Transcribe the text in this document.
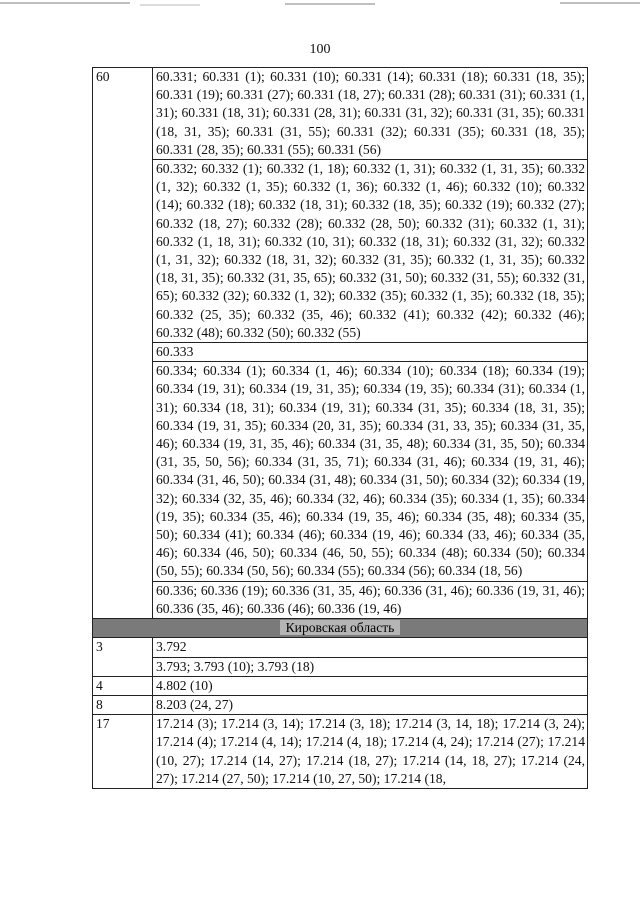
100
60	60.331; 60.331 (1); 60.331 (10); 60.331 (14); 60.331 (18); 60.331 (18, 35); 60.331 (19); 60.331 (27); 60.331 (18, 27); 60.331 (28); 60.331 (31); 60.331 (1, 31); 60.331 (18, 31); 60.331 (28, 31); 60.331 (31, 32); 60.331 (31, 35); 60.331 (18, 31, 35); 60.331 (31, 55); 60.331 (32); 60.331 (35); 60.331 (18, 35); 60.331 (28, 35); 60.331 (55); 60.331 (56)
	60.332; 60.332 (1); 60.332 (1, 18); 60.332 (1, 31); 60.332 (1, 31, 35); 60.332 (1, 32); 60.332 (1, 35); 60.332 (1, 36); 60.332 (1, 46); 60.332 (10); 60.332 (14); 60.332 (18); 60.332 (18, 31); 60.332 (18, 35); 60.332 (19); 60.332 (27); 60.332 (18, 27); 60.332 (28); 60.332 (28, 50); 60.332 (31); 60.332 (1, 31); 60.332 (1, 18, 31); 60.332 (10, 31); 60.332 (18, 31); 60.332 (31, 32); 60.332 (1, 31, 32); 60.332 (18, 31, 32); 60.332 (31, 35); 60.332 (1, 31, 35); 60.332 (18, 31, 35); 60.332 (31, 35, 65); 60.332 (31, 50); 60.332 (31, 55); 60.332 (31, 65); 60.332 (32); 60.332 (1, 32); 60.332 (35); 60.332 (1, 35); 60.332 (18, 35); 60.332 (25, 35); 60.332 (35, 46); 60.332 (41); 60.332 (42); 60.332 (46); 60.332 (48); 60.332 (50); 60.332 (55)
	60.333
	60.334; 60.334 (1); 60.334 (1, 46); 60.334 (10); 60.334 (18); 60.334 (19); 60.334 (19, 31); 60.334 (19, 31, 35); 60.334 (19, 35); 60.334 (31); 60.334 (1, 31); 60.334 (18, 31); 60.334 (19, 31); 60.334 (31, 35); 60.334 (18, 31, 35); 60.334 (19, 31, 35); 60.334 (20, 31, 35); 60.334 (31, 33, 35); 60.334 (31, 35, 46); 60.334 (19, 31, 35, 46); 60.334 (31, 35, 48); 60.334 (31, 35, 50); 60.334 (31, 35, 50, 56); 60.334 (31, 35, 71); 60.334 (31, 46); 60.334 (19, 31, 46); 60.334 (31, 46, 50); 60.334 (31, 48); 60.334 (31, 50); 60.334 (32); 60.334 (19, 32); 60.334 (32, 35, 46); 60.334 (32, 46); 60.334 (35); 60.334 (1, 35); 60.334 (19, 35); 60.334 (35, 46); 60.334 (19, 35, 46); 60.334 (35, 48); 60.334 (35, 50); 60.334 (41); 60.334 (46); 60.334 (19, 46); 60.334 (33, 46); 60.334 (35, 46); 60.334 (46, 50); 60.334 (46, 50, 55); 60.334 (48); 60.334 (50); 60.334 (50, 55); 60.334 (50, 56); 60.334 (55); 60.334 (56); 60.334 (18, 56)
	60.336; 60.336 (19); 60.336 (31, 35, 46); 60.336 (31, 46); 60.336 (19, 31, 46); 60.336 (35, 46); 60.336 (46); 60.336 (19, 46)
Кировская область	
3	3.792
	3.793; 3.793 (10); 3.793 (18)
4	4.802 (10)
8	8.203 (24, 27)
17	17.214 (3); 17.214 (3, 14); 17.214 (3, 18); 17.214 (3, 14, 18); 17.214 (3, 24); 17.214 (4); 17.214 (4, 14); 17.214 (4, 18); 17.214 (4, 24); 17.214 (27); 17.214 (10, 27); 17.214 (14, 27); 17.214 (18, 27); 17.214 (14, 18, 27); 17.214 (24, 27); 17.214 (27, 50); 17.214 (10, 27, 50); 17.214 (18,
